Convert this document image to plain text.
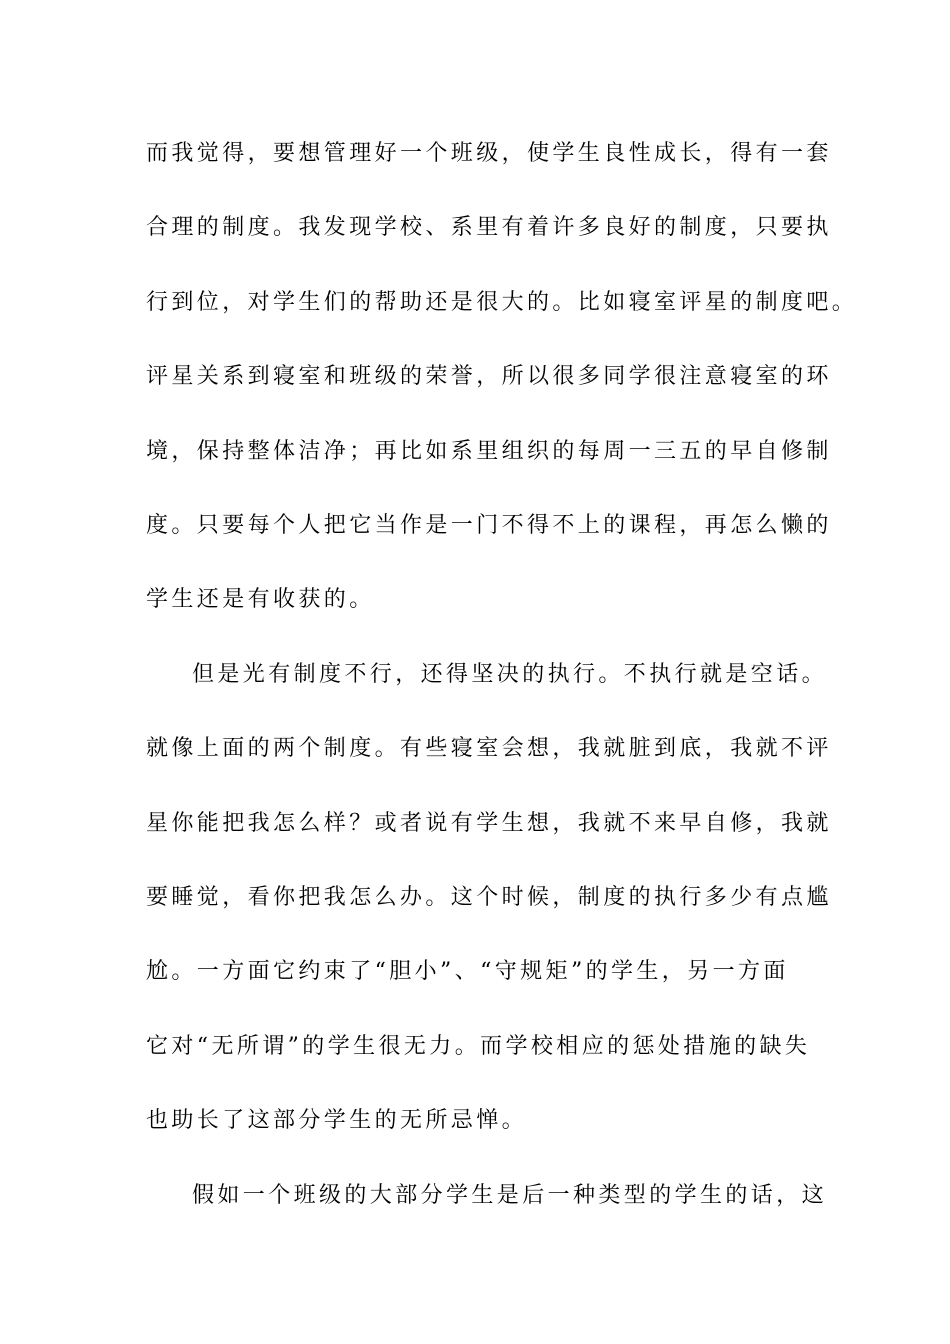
而我觉得，要想管理好一个班级，使学生良性成长，得有一套
合理的制度。我发现学校、系里有着许多良好的制度，只要执
行到位，对学生们的帮助还是很大的。比如寝室评星的制度吧。
评星关系到寝室和班级的荣誉，所以很多同学很注意寝室的环
境，保持整体洁净；再比如系里组织的每周一三五的早自修制
度。只要每个人把它当作是一门不得不上的课程，再怎么懒的
学生还是有收获的。
但是光有制度不行，还得坚决的执行。不执行就是空话。
就像上面的两个制度。有些寝室会想，我就脏到底，我就不评
星你能把我怎么样？或者说有学生想，我就不来早自修，我就
要睡觉，看你把我怎么办。这个时候，制度的执行多少有点尴
尬。一方面它约束了“胆小”、“守规矩”的学生，另一方面
它对“无所谓”的学生很无力。而学校相应的惩处措施的缺失
也助长了这部分学生的无所忌惮。
假如一个班级的大部分学生是后一种类型的学生的话，这
